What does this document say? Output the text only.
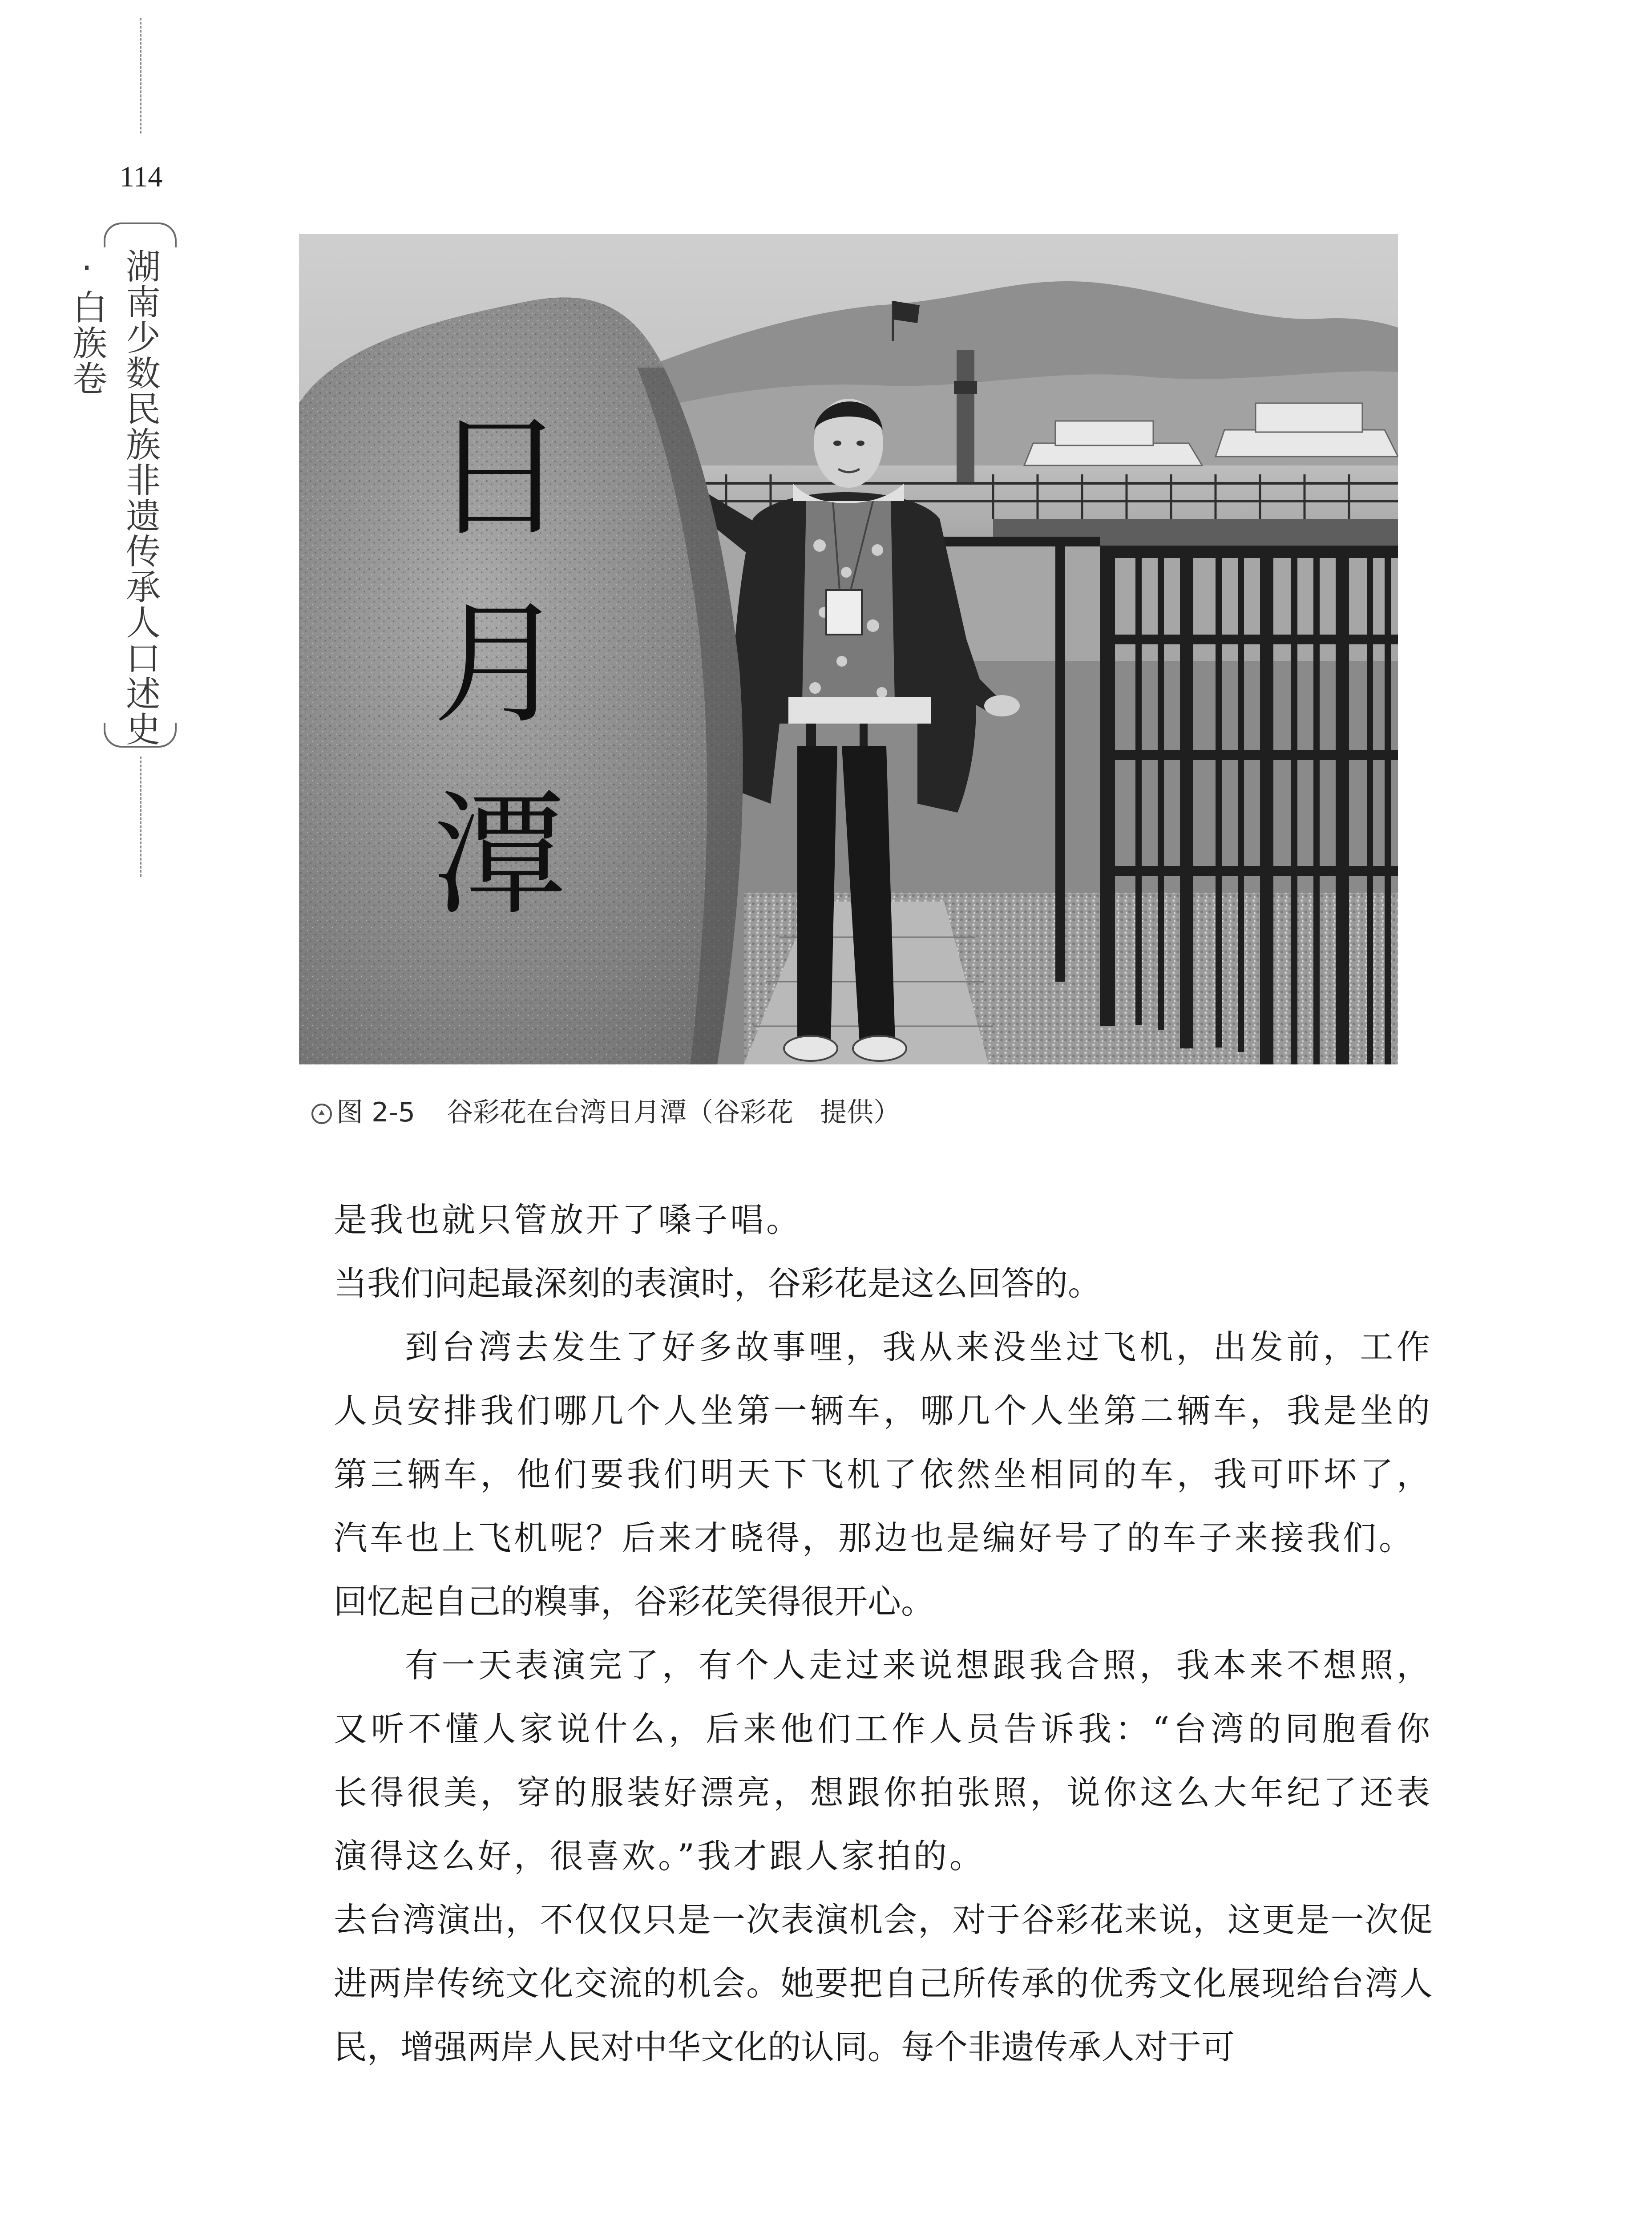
114
湖南少数民族非遗传承人口述史·白族卷
日
月
潭
图 2-5 谷彩花在台湾日月潭（谷彩花　提供）

是我也就只管放开了嗓子唱。

当我们问起最深刻的表演时，谷彩花是这么回答的。

到台湾去发生了好多故事哩，我从来没坐过飞机，出发前，工作人员安排我们哪几个人坐第一辆车，哪几个人坐第二辆车，我是坐的第三辆车，他们要我们明天下飞机了依然坐相同的车，我可吓坏了，汽车也上飞机呢？后来才晓得，那边也是编好号了的车子来接我们。

回忆起自己的糗事，谷彩花笑得很开心。

有一天表演完了，有个人走过来说想跟我合照，我本来不想照，又听不懂人家说什么，后来他们工作人员告诉我：“台湾的同胞看你长得很美，穿的服装好漂亮，想跟你拍张照，说你这么大年纪了还表演得这么好，很喜欢。”我才跟人家拍的。

去台湾演出，不仅仅只是一次表演机会，对于谷彩花来说，这更是一次促进两岸传统文化交流的机会。她要把自己所传承的优秀文化展现给台湾人民，增强两岸人民对中华文化的认同。每个非遗传承人对于可
